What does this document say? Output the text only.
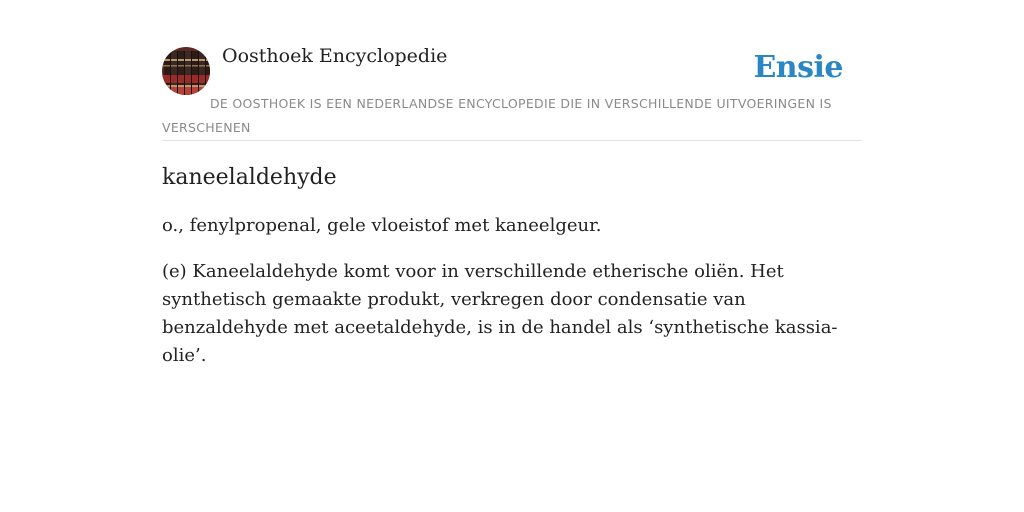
Oosthoek Encyclopedie	Ensie

DE OOSTHOEK IS EEN NEDERLANDSE ENCYCLOPEDIE DIE IN VERSCHILLENDE UITVOERINGEN IS VERSCHENEN

kaneelaldehyde

o., fenylpropenal, gele vloeistof met kaneelgeur.

(e) Kaneelaldehyde komt voor in verschillende etherische oliën. Het synthetisch gemaakte produkt, verkregen door condensatie van benzaldehyde met aceetaldehyde, is in de handel als ‘synthetische kassia-olie’.
